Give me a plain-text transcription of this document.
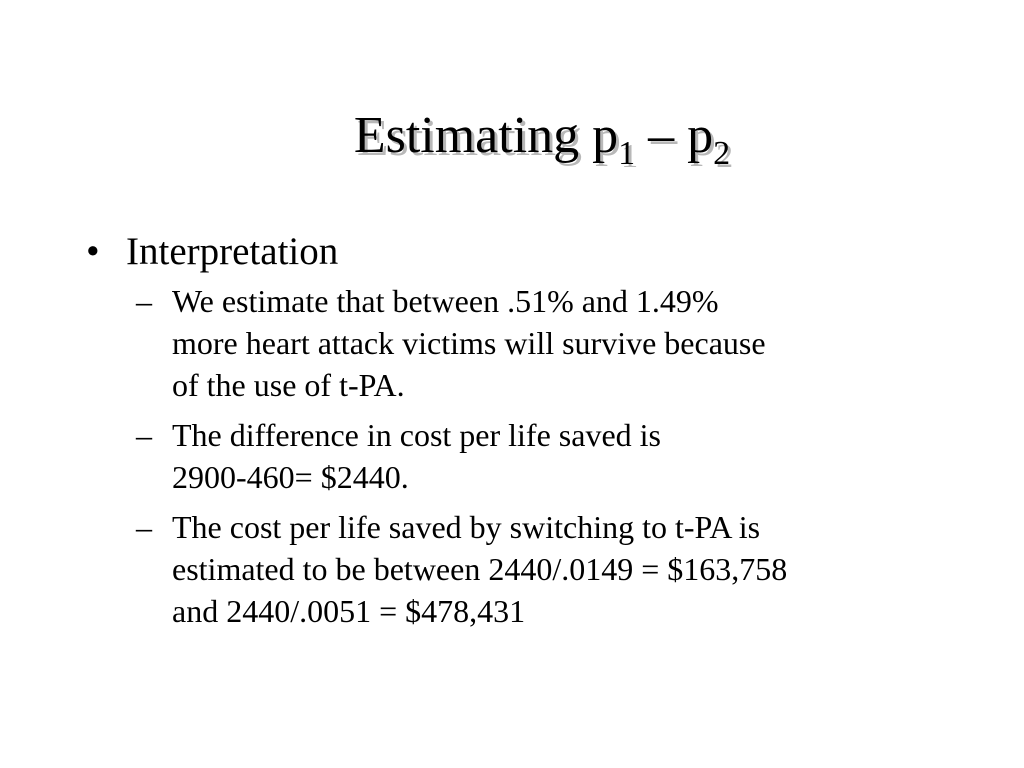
Estimating $p_1 - p_2$
• Interpretation
– We estimate that between .51% and 1.49%
more heart attack victims will survive because
of the use of t-PA.
– The difference in cost per life saved is
2900-460= $2440.
– The cost per life saved by switching to t-PA is
estimated to be between 2440/.0149 = $163,758
and 2440/.0051 = $478,431
